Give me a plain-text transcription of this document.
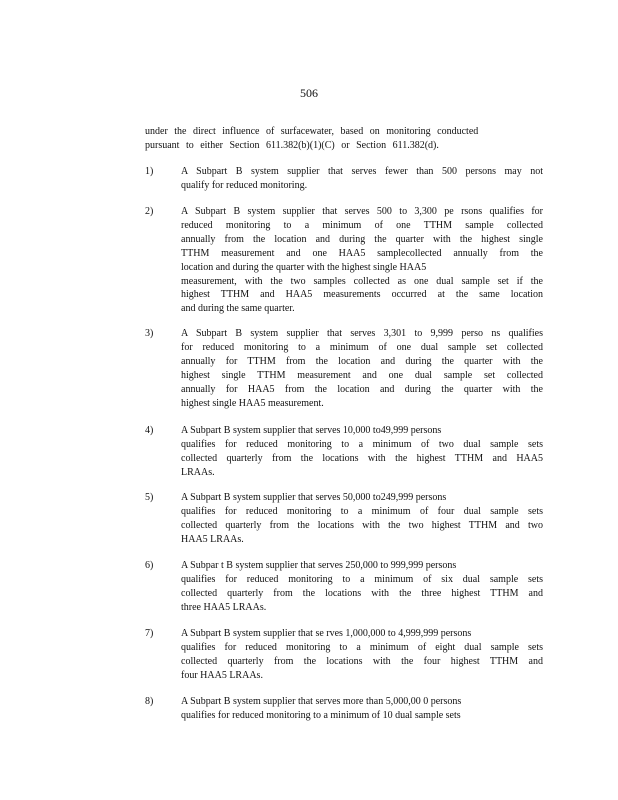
506
under the direct influence of surfacewater, based on monitoring conducted
pursuant to either Section 611.382(b)(1)(C) or Section 611.382(d).
1)	A Subpart B system supplier that serves fewer than 500 persons may not
qualify for reduced monitoring.
2)	A Subpart B system supplier that serves 500 to 3,300 pe rsons qualifies for
reduced monitoring to a minimum of one TTHM sample collected
annually from the location and during the quarter with the highest single
TTHM measurement and one HAA5 samplecollected annually from the
location and during the quarter with the highest single HAA5
measurement, with the two samples collected as one dual sample set if the
highest TTHM and HAA5 measurements occurred at the same location
and during the same quarter.
3)	A Subpart B system supplier that serves 3,301 to 9,999 perso ns qualifies
for reduced monitoring to a minimum of one dual sample set collected
annually for TTHM from the location and during the quarter with the
highest single TTHM measurement and one dual sample set collected
annually for HAA5 from the location and during the quarter with the
highest single HAA5 measurement.
4)	A Subpart B system supplier that serves 10,000 to49,999 persons
qualifies for reduced monitoring to a minimum of two dual sample sets
collected quarterly from the locations with the highest TTHM and HAA5
LRAAs.
5)	A Subpart B system supplier that serves 50,000 to249,999 persons
qualifies for reduced monitoring to a minimum of four dual sample sets
collected quarterly from the locations with the two highest TTHM and two
HAA5 LRAAs.
6)	A Subpar t B system supplier that serves 250,000 to 999,999 persons
qualifies for reduced monitoring to a minimum of six dual sample sets
collected quarterly from the locations with the three highest TTHM and
three HAA5 LRAAs.
7)	A Subpart B system supplier that se rves 1,000,000 to 4,999,999 persons
qualifies for reduced monitoring to a minimum of eight dual sample sets
collected quarterly from the locations with the four highest TTHM and
four HAA5 LRAAs.
8)	A Subpart B system supplier that serves more than 5,000,00 0 persons
qualifies for reduced monitoring to a minimum of 10 dual sample sets
